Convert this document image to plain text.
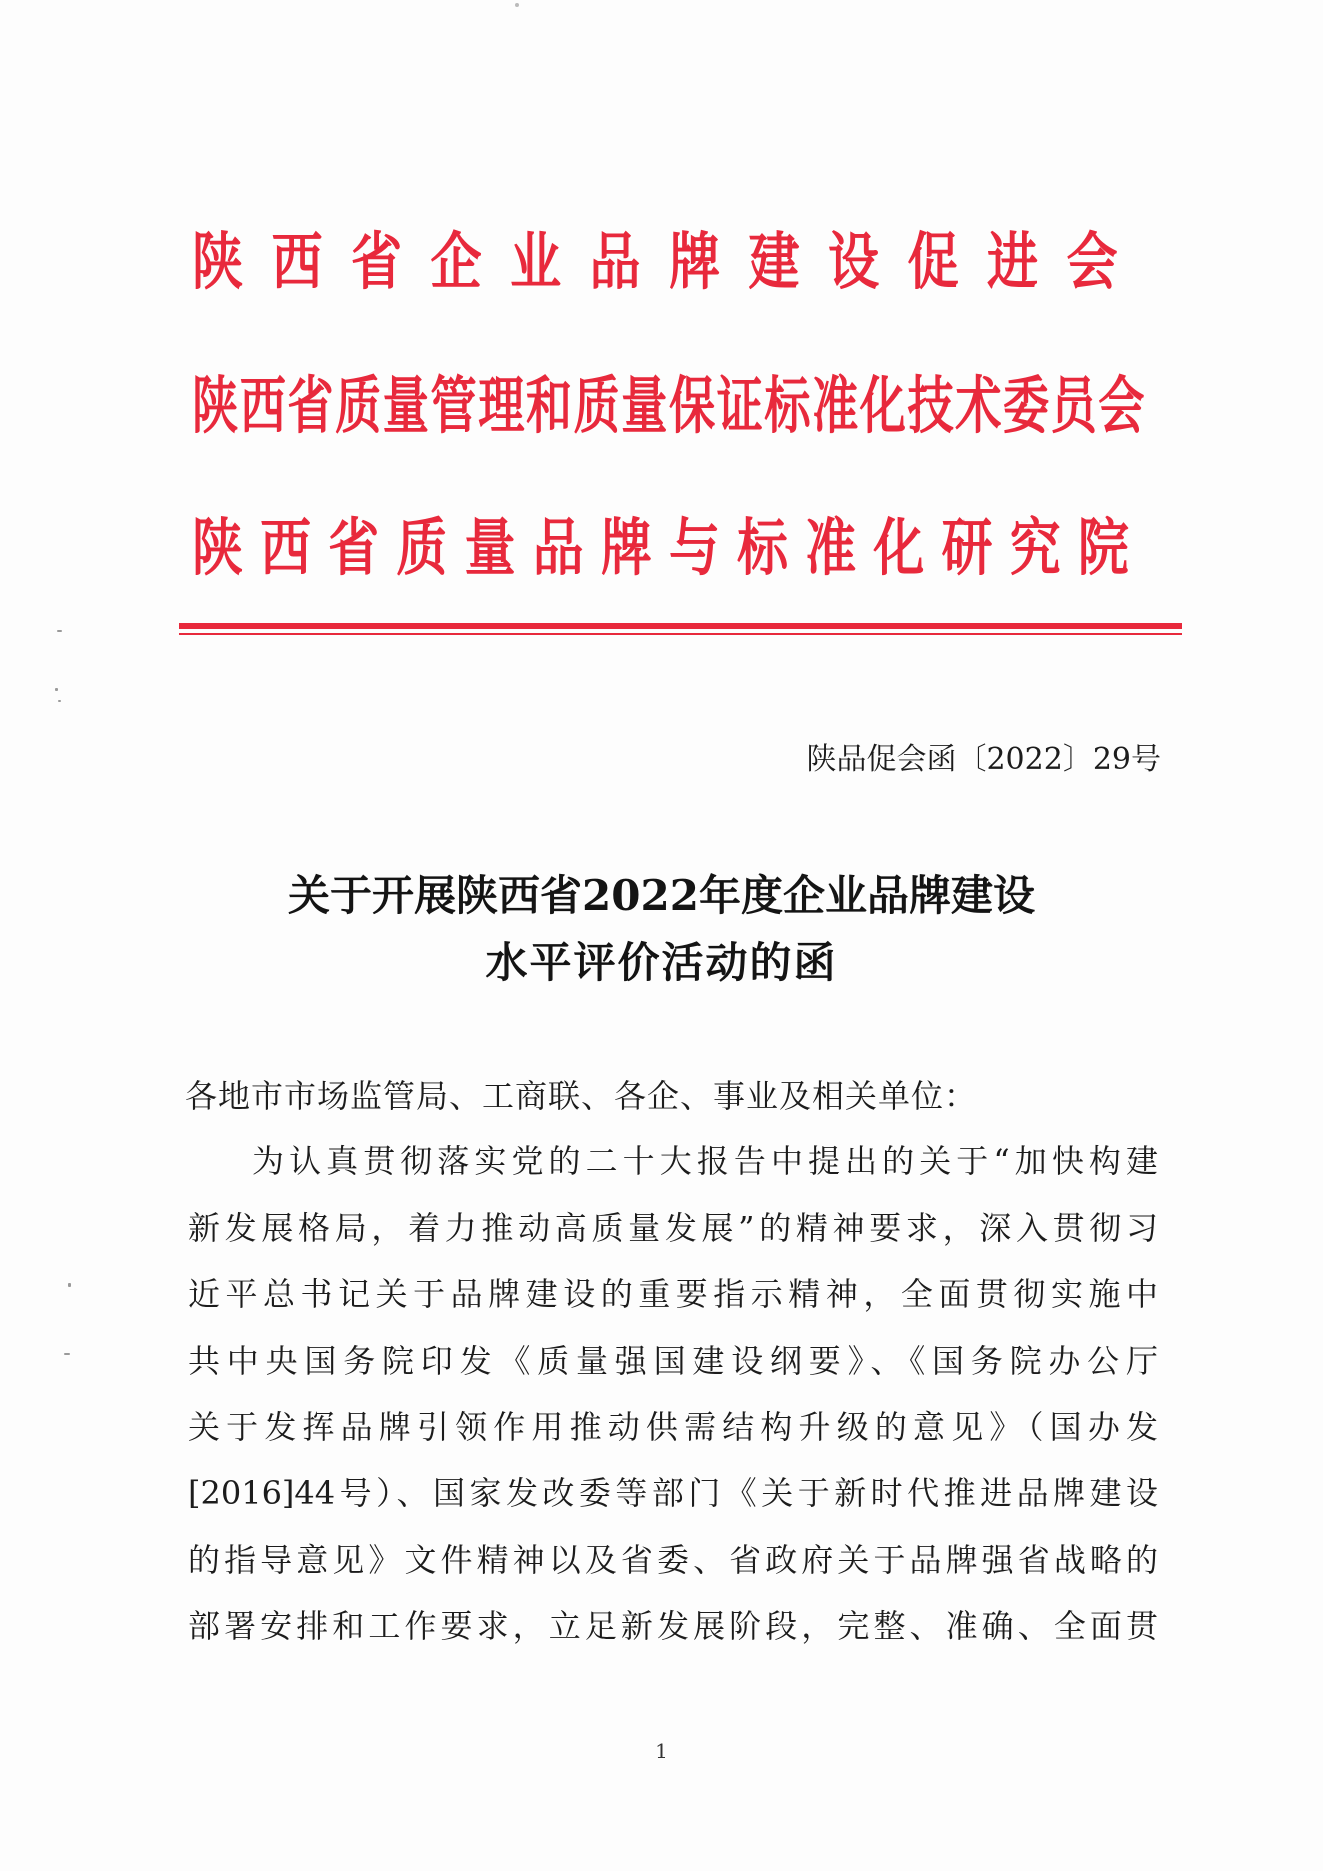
陕西省企业品牌建设促进会
陕西省质量管理和质量保证标准化技术委员会
陕西省质量品牌与标准化研究院
陕品促会函〔2022〕29号
关于开展陕西省2022年度企业品牌建设
水平评价活动的函
各地市市场监管局、工商联、各企、事业及相关单位：
为认真贯彻落实党的二十大报告中提出的关于“加快构建
新发展格局，着力推动高质量发展”的精神要求，深入贯彻习
近平总书记关于品牌建设的重要指示精神，全面贯彻实施中
共中央国务院印发《质量强国建设纲要》、《国务院办公厅
关于发挥品牌引领作用推动供需结构升级的意见》（国办发
[2016]44号）、国家发改委等部门《关于新时代推进品牌建设
的指导意见》文件精神以及省委、省政府关于品牌强省战略的
部署安排和工作要求，立足新发展阶段，完整、准确、全面贯
1
